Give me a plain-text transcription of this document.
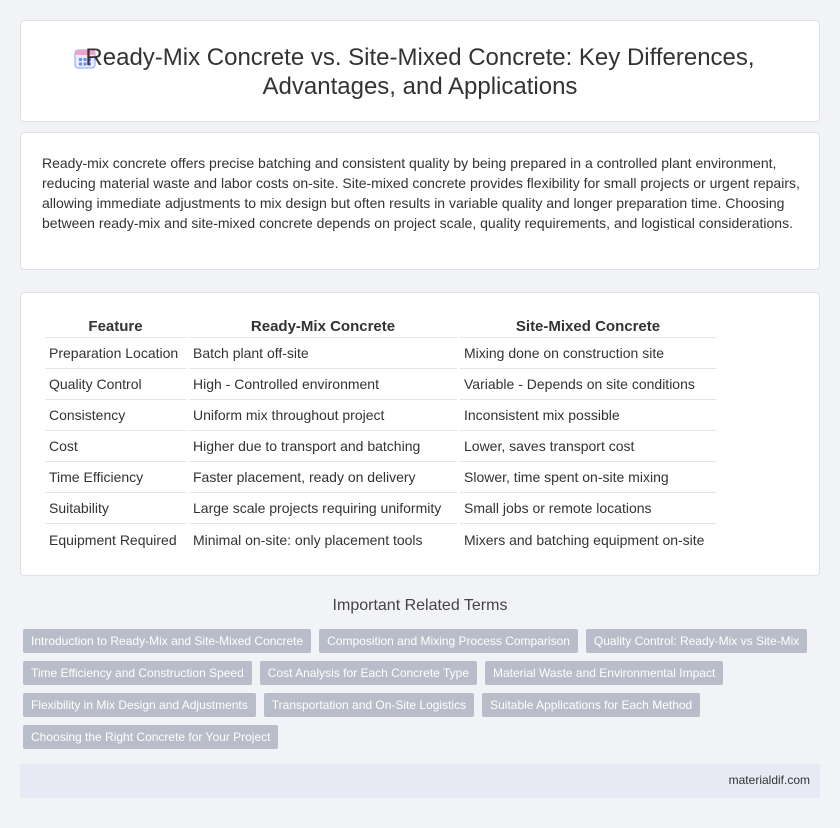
Ready-Mix Concrete vs. Site-Mixed Concrete: Key Differences,
Advantages, and Applications

Ready-mix concrete offers precise batching and consistent quality by being prepared in a controlled plant environment, reducing material waste and labor costs on-site. Site-mixed concrete provides flexibility for small projects or urgent repairs, allowing immediate adjustments to mix design but often results in variable quality and longer preparation time. Choosing between ready-mix and site-mixed concrete depends on project scale, quality requirements, and logistical considerations.

Feature	Ready-Mix Concrete	Site-Mixed Concrete
Preparation Location	Batch plant off-site	Mixing done on construction site
Quality Control	High - Controlled environment	Variable - Depends on site conditions
Consistency	Uniform mix throughout project	Inconsistent mix possible
Cost	Higher due to transport and batching	Lower, saves transport cost
Time Efficiency	Faster placement, ready on delivery	Slower, time spent on-site mixing
Suitability	Large scale projects requiring uniformity	Small jobs or remote locations
Equipment Required	Minimal on-site: only placement tools	Mixers and batching equipment on-site
Important Related Terms
Introduction to Ready-Mix and Site-Mixed Concrete	Composition and Mixing Process Comparison	Quality Control: Ready-Mix vs Site-Mix
Time Efficiency and Construction Speed	Cost Analysis for Each Concrete Type	Material Waste and Environmental Impact
Flexibility in Mix Design and Adjustments	Transportation and On-Site Logistics	Suitable Applications for Each Method
Choosing the Right Concrete for Your Project
materialdif.com
